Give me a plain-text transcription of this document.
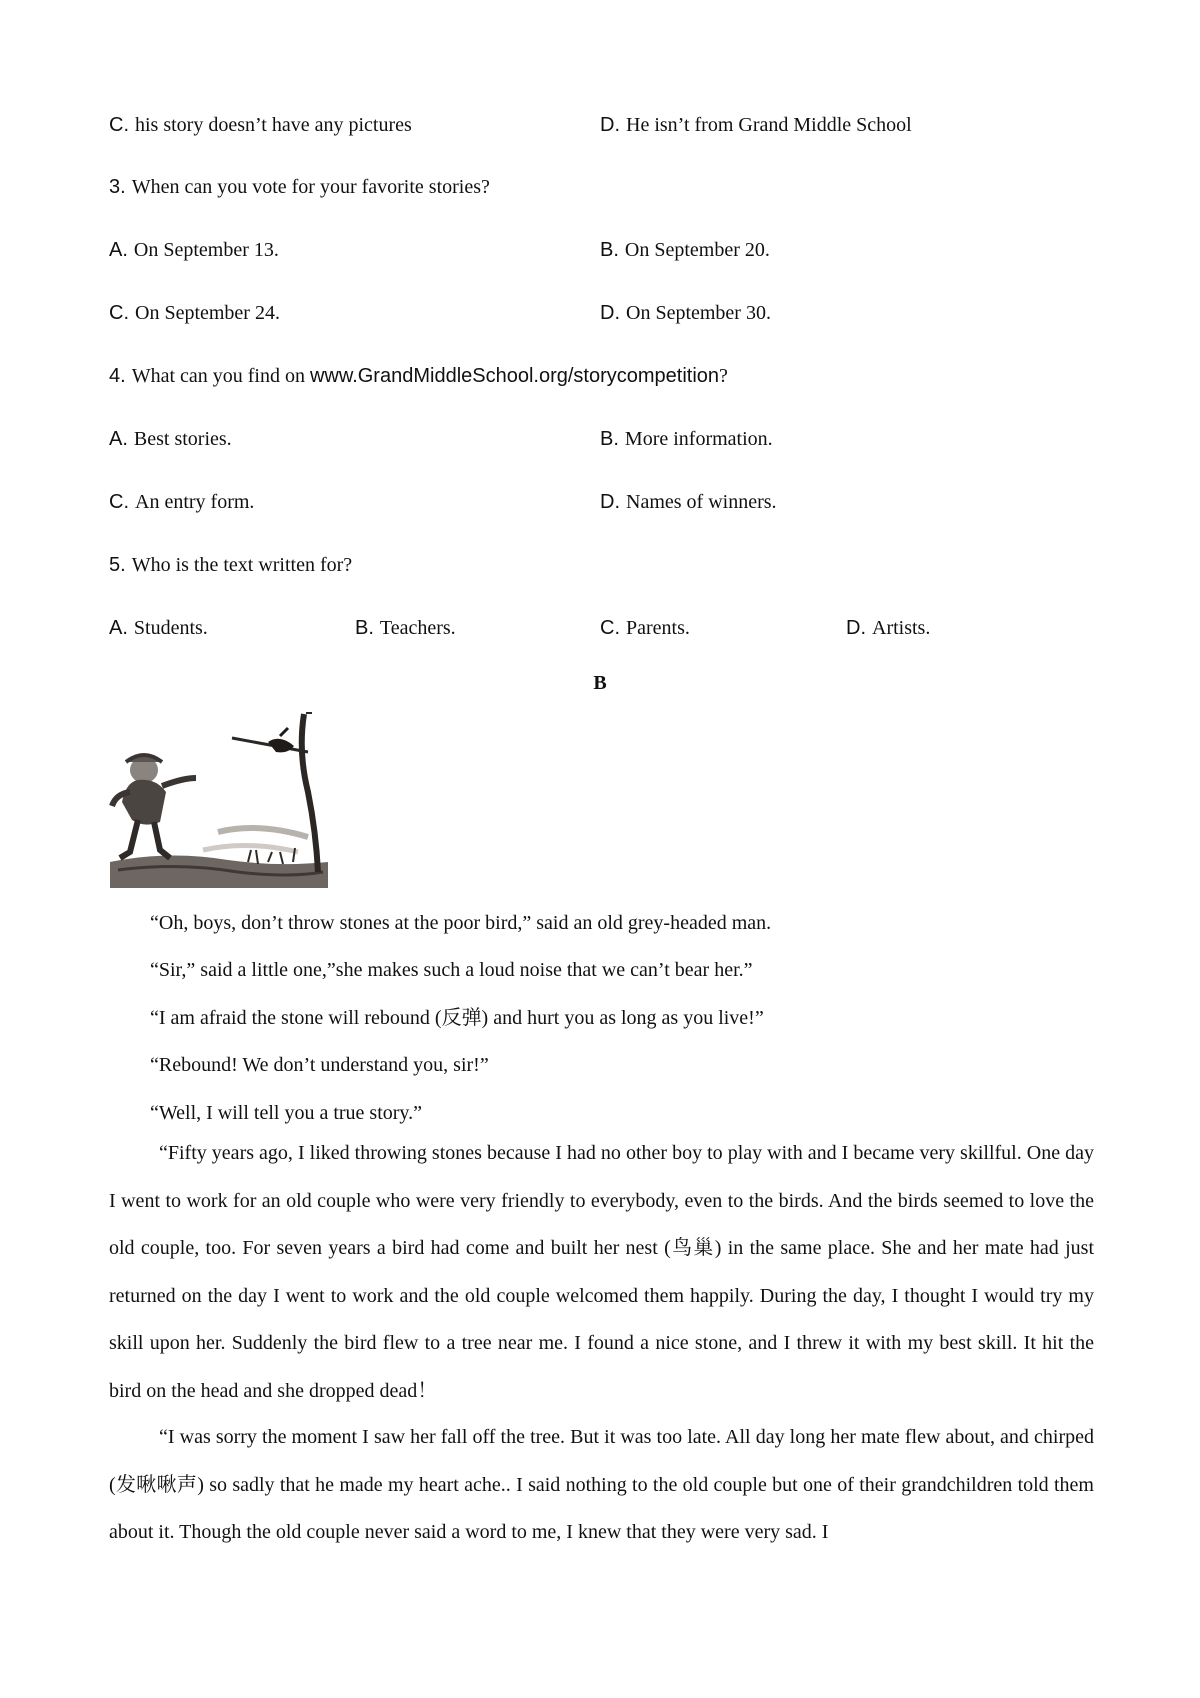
C. his story doesn’t have any pictures	D. He isn’t from Grand Middle School
3. When can you vote for your favorite stories?
A. On September 13.	B. On September 20.
C. On September 24.	D. On September 30.
4. What can you find on www.GrandMiddleSchool.org/storycompetition?
A. Best stories.	B. More information.
C. An entry form.	D. Names of winners.
5. Who is the text written for?
A. Students.	B. Teachers.	C. Parents.	D. Artists.
B
“Oh, boys, don’t throw stones at the poor bird,” said an old grey-headed man.
“Sir,” said a little one,”she makes such a loud noise that we can’t bear her.”
“I am afraid the stone will rebound (反弹) and hurt you as long as you live!”
“Rebound! We don’t understand you, sir!”
“Well, I will tell you a true story.”

“Fifty years ago, I liked throwing stones because I had no other boy to play with and I became very skillful. One day I went to work for an old couple who were very friendly to everybody, even to the birds. And the birds seemed to love the old couple, too. For seven years a bird had come and built her nest (鸟巢) in the same place. She and her mate had just returned on the day I went to work and the old couple welcomed them happily. During the day, I thought I would try my skill upon her. Suddenly the bird flew to a tree near me. I found a nice stone, and I threw it with my best skill. It hit the bird on the head and she dropped dead！

“I was sorry the moment I saw her fall off the tree. But it was too late. All day long her mate flew about, and chirped (发啾啾声) so sadly that he made my heart ache.. I said nothing to the old couple but one of their grandchildren told them about it. Though the old couple never said a word to me, I knew that they were very sad. I
